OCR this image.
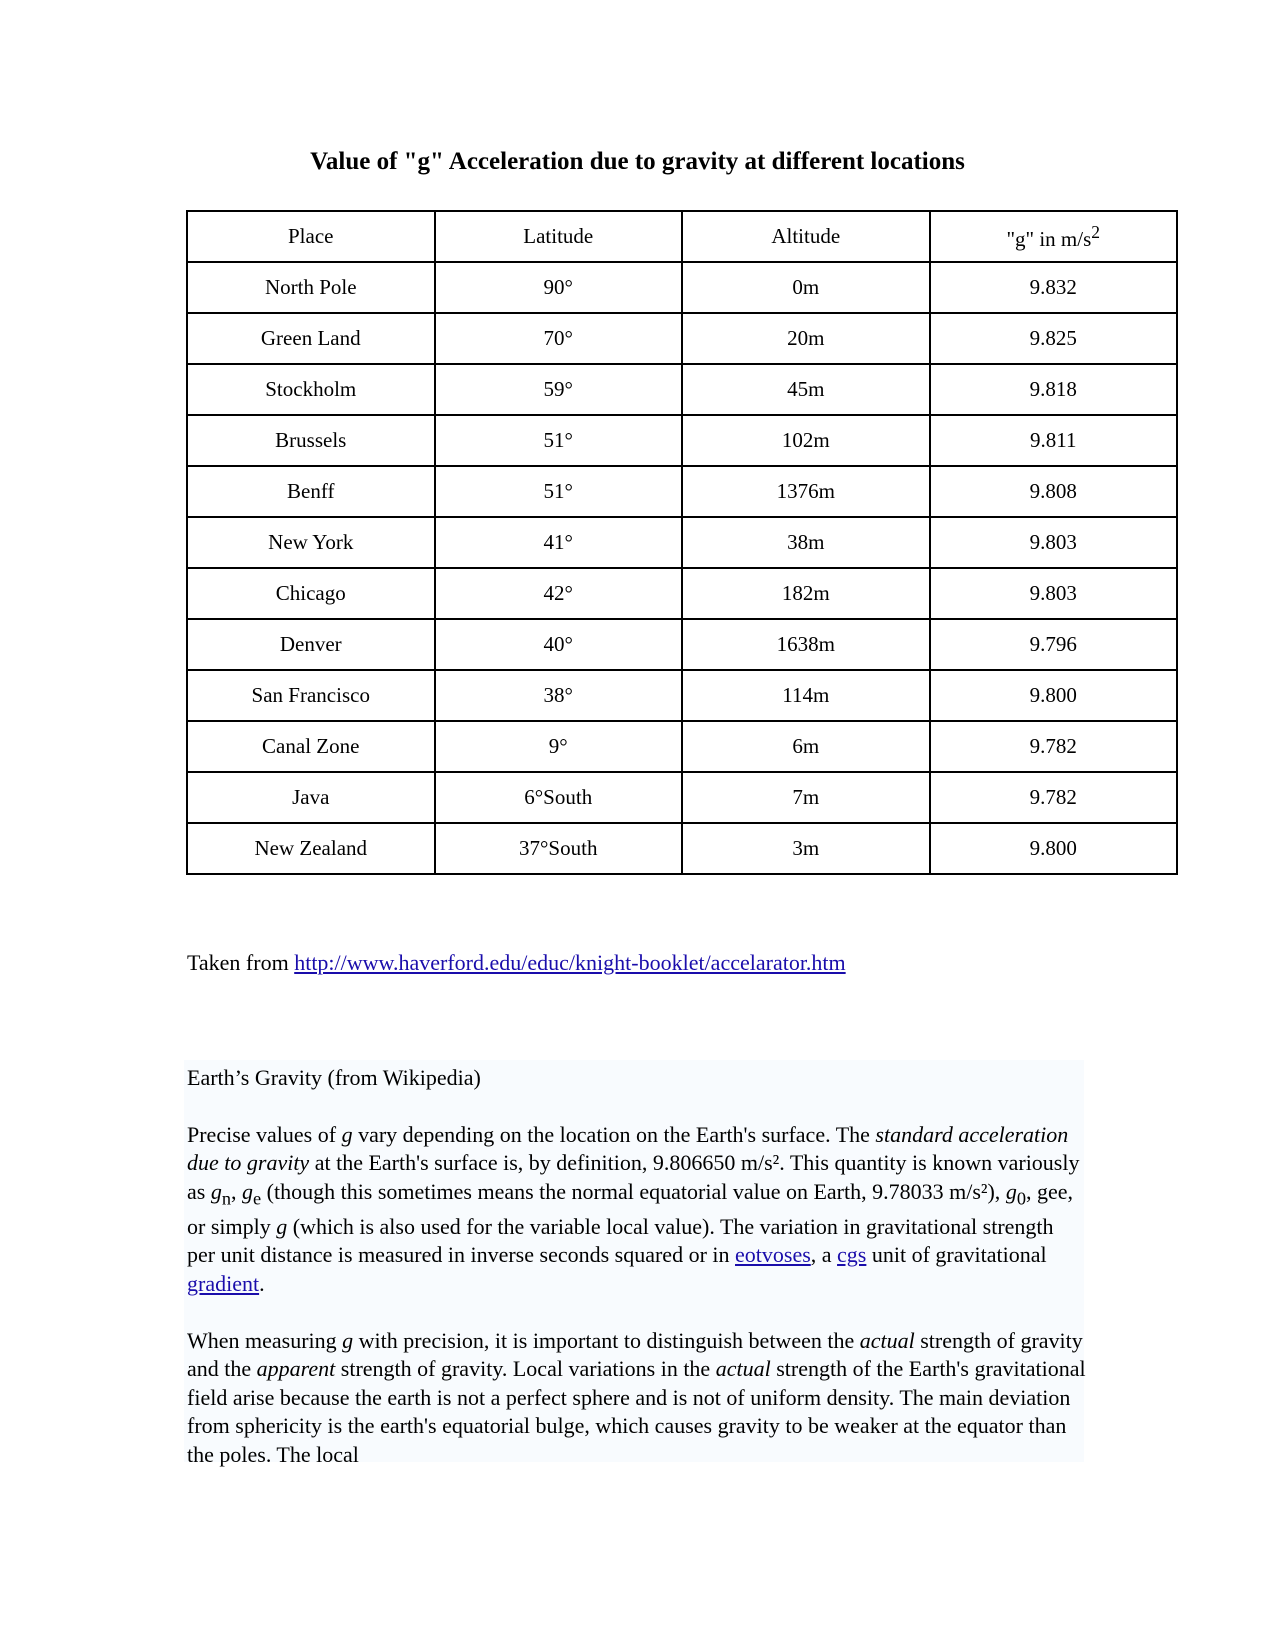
Value of "g" Acceleration due to gravity at different locations
Place	Latitude	Altitude	"g" in $m/s^2$
North Pole	90°	0m	9.832
Green Land	70°	20m	9.825
Stockholm	59°	45m	9.818
Brussels	51°	102m	9.811
Benff	51°	1376m	9.808
New York	41°	38m	9.803
Chicago	42°	182m	9.803
Denver	40°	1638m	9.796
San Francisco	38°	114m	9.800
Canal Zone	9°	6m	9.782
Java	6°South	7m	9.782
New Zealand	37°South	3m	9.800
Taken from http://www.haverford.edu/educ/knight-booklet/accelarator.htm

Earth’s Gravity (from Wikipedia)

Precise values of g vary depending on the location on the Earth's surface. The standard acceleration due to gravity at the Earth's surface is, by definition, 9.806650 m/s². This quantity is known variously as $g_n$, $g_e$ (though this sometimes means the normal equatorial value on Earth, 9.78033 m/s²), $g_0$, gee, or simply g (which is also used for the variable local value). The variation in gravitational strength per unit distance is measured in inverse seconds squared or in eotvoses, a cgs unit of gravitational gradient.

When measuring g with precision, it is important to distinguish between the actual strength of gravity and the apparent strength of gravity. Local variations in the actual strength of the Earth's gravitational field arise because the earth is not a perfect sphere and is not of uniform density. The main deviation from sphericity is the earth's equatorial bulge, which causes gravity to be weaker at the equator than the poles. The local
